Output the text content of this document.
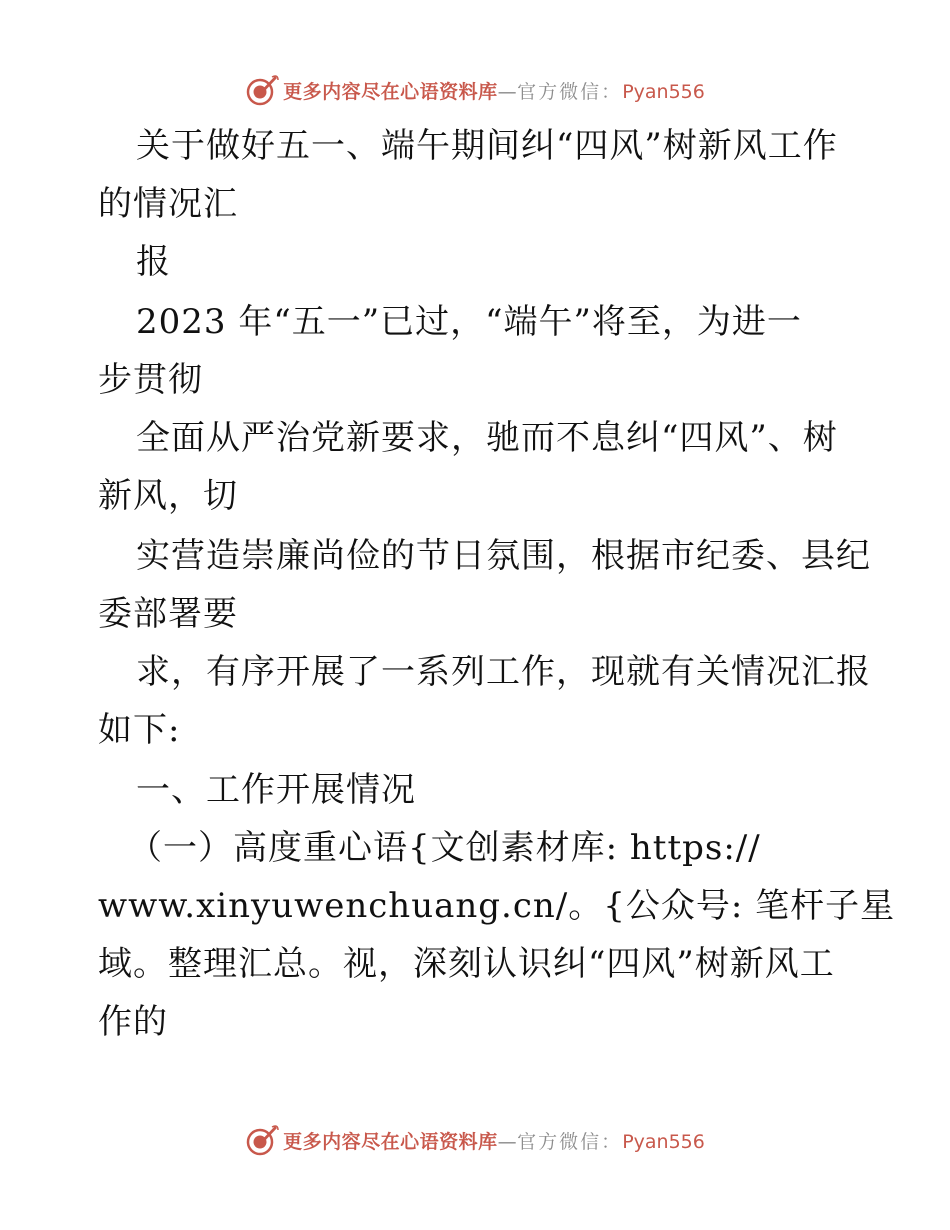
更多内容尽在心语资料库—官方微信：Pyan556
关于做好五一、端午期间纠“四风”树新风工作
的情况汇
报
2023 年“五一”已过，“端午”将至，为进一
步贯彻
全面从严治党新要求，驰而不息纠“四风”、树
新风，切
实营造崇廉尚俭的节日氛围，根据市纪委、县纪
委部署要
求，有序开展了一系列工作，现就有关情况汇报
如下:
一、工作开展情况
（一）高度重心语{文创素材库: https://
www.xinyuwenchuang.cn/。{公众号: 笔杆子星
域。整理汇总。视，深刻认识纠“四风”树新风工
作的
更多内容尽在心语资料库—官方微信：Pyan556
